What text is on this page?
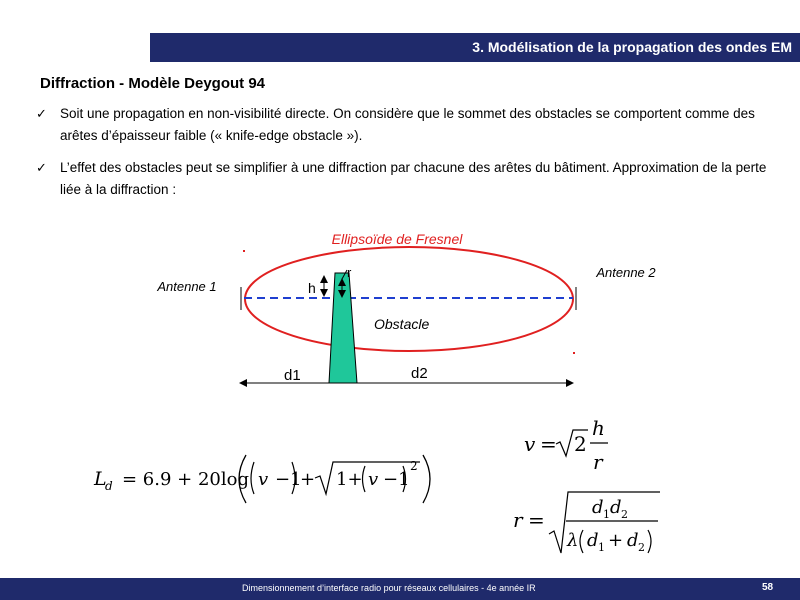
3. Modélisation de la propagation des ondes EM
Diffraction - Modèle Deygout 94
✓ Soit une propagation en non-visibilité directe. On considère que le sommet des obstacles se comportent comme des arêtes d’épaisseur faible (« knife-edge obstacle »).
✓ L’effet des obstacles peut se simplifier à une diffraction par chacune des arêtes du bâtiment. Approximation de la perte liée à la diffraction :
Ellipsoïde de Fresnel
Antenne 1
Antenne 2
h
r
Obstacle
d1	d2
L
d = 6.9 + 20log v −1
+ 1+ v −1
2
v = 2
h
r
r =
d 1 d 2
λ d 1 + d 2
Dimensionnement d’interface radio pour réseaux cellulaires - 4e année IR	58
